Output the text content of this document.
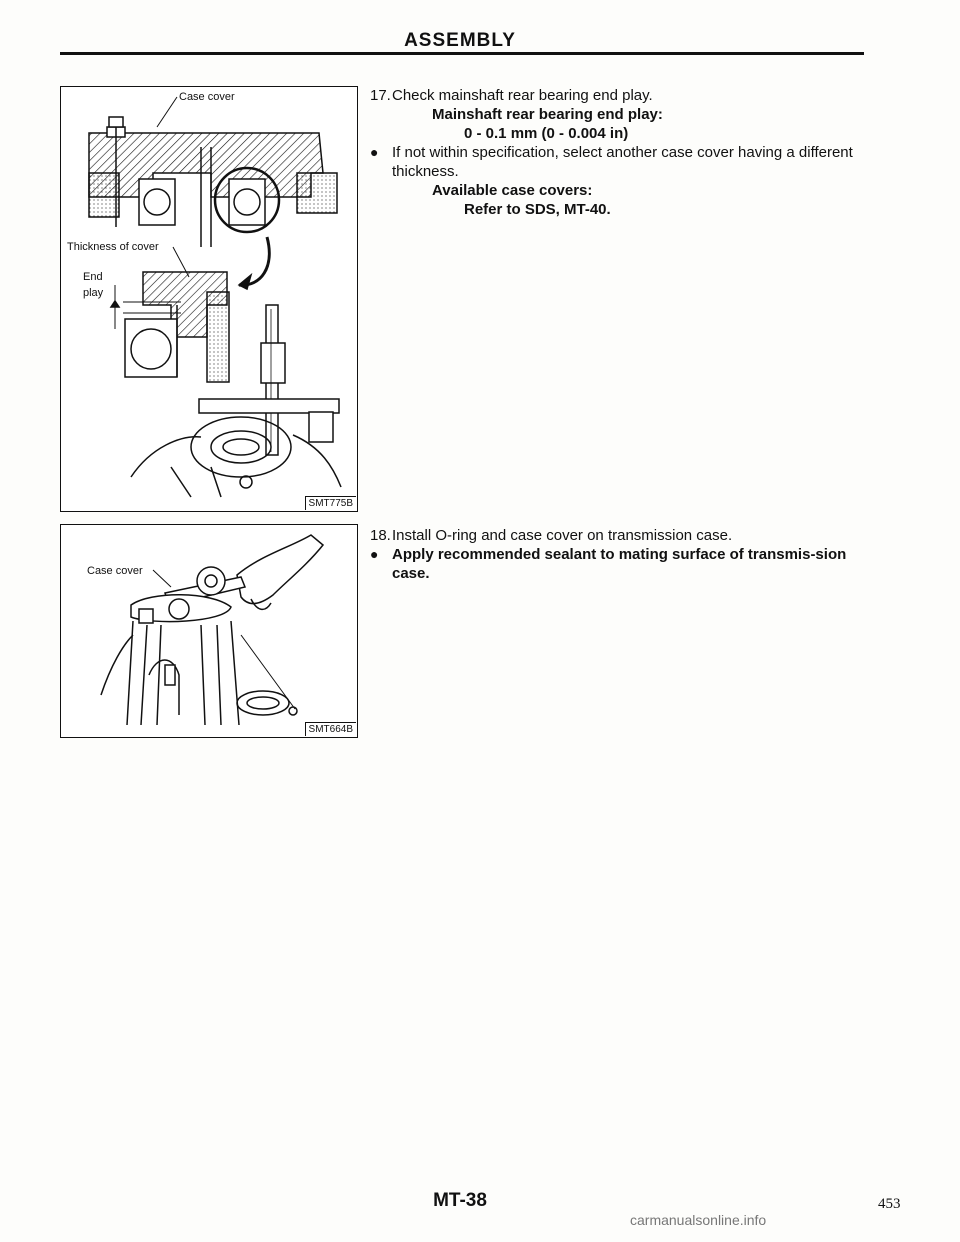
ASSEMBLY
Case cover
Thickness of cover
End
play
SMT775B
Case cover
SMT664B
17. Check mainshaft rear bearing end play.
Mainshaft rear bearing end play:
0 - 0.1 mm (0 - 0.004 in)
● If not within specification, select another case cover having a different thickness.
Available case covers:
Refer to SDS, MT-40.
18. Install O-ring and case cover on transmission case.
● Apply recommended sealant to mating surface of transmis-sion case.
MT-38	453
carmanualsonline.info
